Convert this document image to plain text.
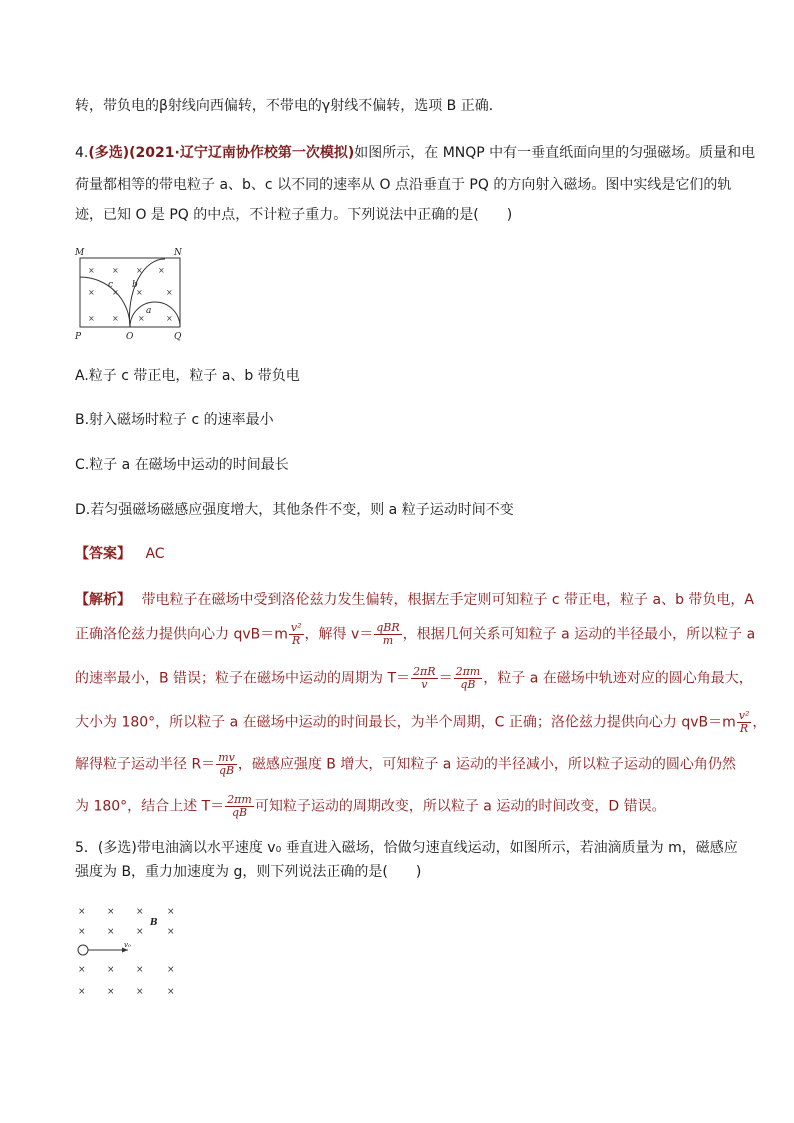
转，带负电的β射线向西偏转，不带电的γ射线不偏转，选项 B 正确．
4.(多选)(2021·辽宁辽南协作校第一次模拟)如图所示，在 MNQP 中有一垂直纸面向里的匀强磁场。质量和电
荷量都相等的带电粒子 a、b、c 以不同的速率从 O 点沿垂直于 PQ 的方向射入磁场。图中实线是它们的轨
迹，已知 O 是 PQ 的中点，不计粒子重力。下列说法中正确的是(　　)
× × × ×
× × ×	×
× × ×	×
M	N
P	O	Q
a
b
c
A.粒子 c 带正电，粒子 a、b 带负电
B.射入磁场时粒子 c 的速率最小
C.粒子 a 在磁场中运动的时间最长
D.若匀强磁场磁感应强度增大，其他条件不变，则 a 粒子运动时间不变
【答案】 AC
【解析】 带电粒子在磁场中受到洛伦兹力发生偏转，根据左手定则可知粒子 c 带正电，粒子 a、b 带负电，A
正确洛伦兹力提供向心力 $qvB=m \frac{\text{v²}}{R}$ ，解得 $v= \frac{\text{qBR}}{m}$ ，根据几何关系可知粒子 a 运动的半径最小，所以粒子 a
的速率最小，B 错误；粒子在磁场中运动的周期为 $T= \frac{2\pi R}{v} = \frac{2\pi m}{qB}$ ，粒子 a 在磁场中轨迹对应的圆心角最大，
大小为 180°，所以粒子 a 在磁场中运动的时间最长，为半个周期，C 正确；洛伦兹力提供向心力 $qvB=m \frac{\text{v²}}{R}$ ，
解得粒子运动半径 $R= \frac{mv}{qB}$ ，磁感应强度 B 增大，可知粒子 a 运动的半径减小，所以粒子运动的圆心角仍然
为 180°，结合上述 $T= \frac{2\pi m}{qB}$ 可知粒子运动的周期改变，所以粒子 a 运动的时间改变，D 错误。
5．(多选)带电油滴以水平速度 v₀ 垂直进入磁场，恰做匀速直线运动，如图所示，若油滴质量为 m，磁感应
强度为 B，重力加速度为 g，则下列说法正确的是(　　)
× × ×	×
× × ×	×
× × ×	×
× × ×	×
B
v₀
